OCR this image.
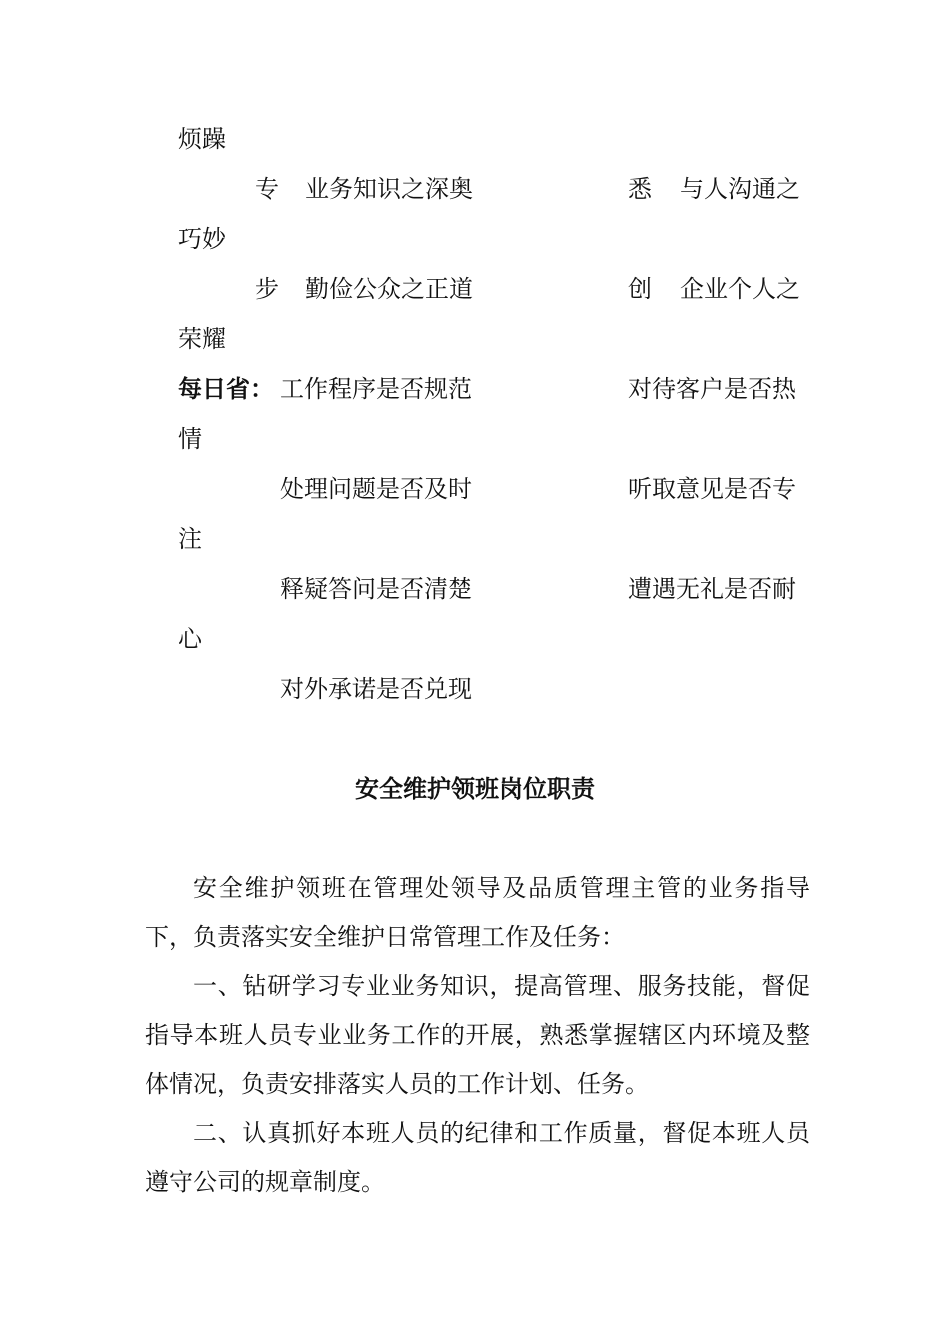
烦躁
专 业务知识之深奥	悉 与人沟通之
巧妙
步 勤俭公众之正道	创 企业个人之
荣耀
每日省： 工作程序是否规范	对待客户是否热
情
处理问题是否及时	听取意见是否专
注
释疑答问是否清楚	遭遇无礼是否耐
心
对外承诺是否兑现
安全维护领班岗位职责
安全维护领班在管理处领导及品质管理主管的业务指导下，负责落实安全维护日常管理工作及任务：
一、钻研学习专业业务知识，提高管理、服务技能，督促指导本班人员专业业务工作的开展，熟悉掌握辖区内环境及整体情况，负责安排落实人员的工作计划、任务。
二、认真抓好本班人员的纪律和工作质量，督促本班人员遵守公司的规章制度。
